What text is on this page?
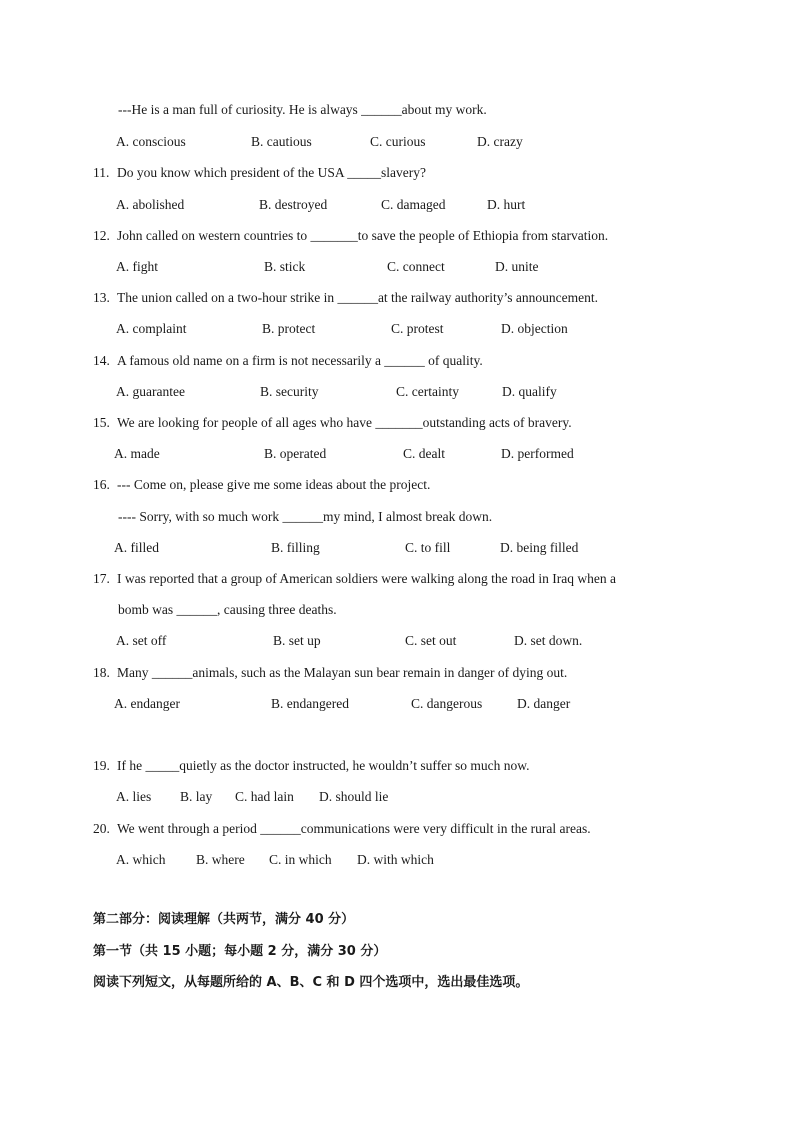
---He is a man full of curiosity. He is always ______about my work.
A. conscious	B. cautious	C. curious	D. crazy
11. Do you know which president of the USA _____slavery?
A. abolished	B. destroyed	C. damaged	D. hurt
12. John called on western countries to _______to save the people of Ethiopia from starvation.
A. fight	B. stick	C. connect	D. unite
13. The union called on a two-hour strike in ______at the railway authority’s announcement.
A. complaint	B. protect	C. protest	D. objection
14. A famous old name on a firm is not necessarily a ______ of quality.
A. guarantee	B. security	C. certainty	D. qualify
15. We are looking for people of all ages who have _______outstanding acts of bravery.
A. made	B. operated	C. dealt	D. performed
16. --- Come on, please give me some ideas about the project.
---- Sorry, with so much work ______my mind, I almost break down.
A. filled	B. filling	C. to fill	D. being filled
17. I was reported that a group of American soldiers were walking along the road in Iraq when a
bomb was ______, causing three deaths.
A. set off	B. set up	C. set out	D. set down.
18. Many ______animals, such as the Malayan sun bear remain in danger of dying out.
A. endanger	B. endangered	C. dangerous	D. danger
19. If he _____quietly as the doctor instructed, he wouldn’t suffer so much now.
A. lies B. lay C. had lain D. should lie
20. We went through a period ______communications were very difficult in the rural areas.
A. which B. where C. in which D. with which
第二部分：阅读理解（共两节，满分 40 分）
第一节（共 15 小题；每小题 2 分，满分 30 分）
阅读下列短文，从每题所给的 A、B、C 和 D 四个选项中，选出最佳选项。
